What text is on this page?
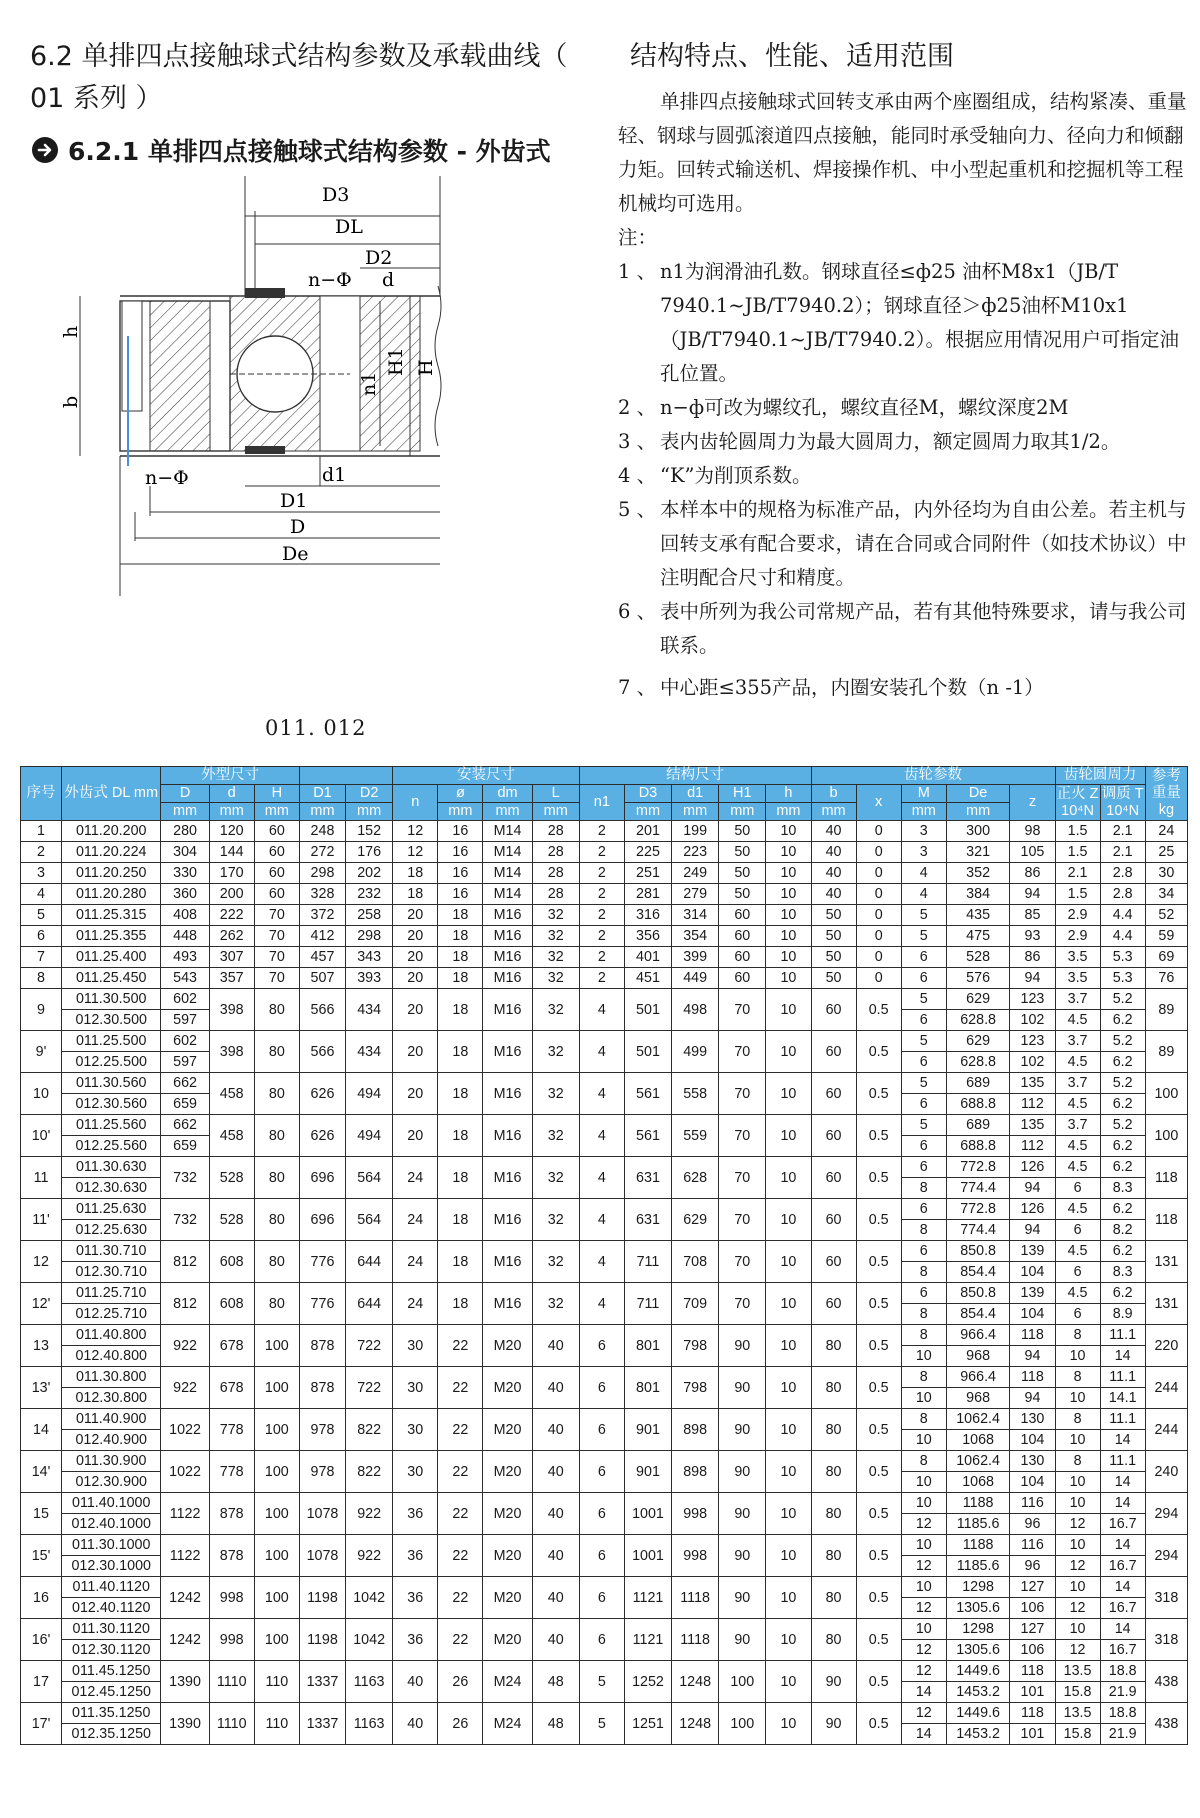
6.2 单排四点接触球式结构参数及承载曲线（ 01 系列 ）
6.2.1 单排四点接触球式结构参数 - 外齿式
D3
DL
D2
n−Φ d
h
b
H1 H
n1
n−Φ	d1
D1
D
De
011. 012
结构特点、性能、适用范围

单排四点接触球式回转支承由两个座圈组成，结构紧凑、重量轻、钢球与圆弧滚道四点接触，能同时承受轴向力、径向力和倾翻力矩。回转式输送机、焊接操作机、中小型起重机和挖掘机等工程机械均可选用。

注：
1 、 n1为润滑油孔数。钢球直径≤ф25 油杯M8x1（JB/T 7940.1~JB/T7940.2）；钢球直径＞ф25油杯M10x1（JB/T7940.1~JB/T7940.2）。根据应用情况用户可指定油孔位置。
2 、 n−ф可改为螺纹孔，螺纹直径M，螺纹深度2M
3 、 表内齿轮圆周力为最大圆周力，额定圆周力取其1/2。
4 、 “K”为削顶系数。
5 、 本样本中的规格为标准产品，内外径均为自由公差。若主机与回转支承有配合要求，请在合同或合同附件（如技术协议）中注明配合尺寸和精度。
6 、 表中所列为我公司常规产品，若有其他特殊要求，请与我公司联系。
7 、 中心距≤355产品，内圈安装孔个数（n -1）
序号	外齿式 DL mm	外型尺寸					安装尺寸				结构尺寸					齿轮参数					齿轮圆周力		参考 重量 kg
		D	d	H	D1	D2	n	ø	dm	L	n1	D3	d1	H1	h	b	x	M	De	z	正火 Z 10⁴N	调质 T 10⁴N	
		mm	mm	mm	mm	mm		mm	mm	mm		mm	mm	mm	mm	mm		mm	mm				
1	011.20.200	280	120	60	248	152	12	16	M14	28	2	201	199	50	10	40	0	3	300	98	1.5	2.1	24
2	011.20.224	304	144	60	272	176	12	16	M14	28	2	225	223	50	10	40	0	3	321	105	1.5	2.1	25
3	011.20.250	330	170	60	298	202	18	16	M14	28	2	251	249	50	10	40	0	4	352	86	2.1	2.8	30
4	011.20.280	360	200	60	328	232	18	16	M14	28	2	281	279	50	10	40	0	4	384	94	1.5	2.8	34
5	011.25.315	408	222	70	372	258	20	18	M16	32	2	316	314	60	10	50	0	5	435	85	2.9	4.4	52
6	011.25.355	448	262	70	412	298	20	18	M16	32	2	356	354	60	10	50	0	5	475	93	2.9	4.4	59
7	011.25.400	493	307	70	457	343	20	18	M16	32	2	401	399	60	10	50	0	6	528	86	3.5	5.3	69
8	011.25.450	543	357	70	507	393	20	18	M16	32	2	451	449	60	10	50	0	6	576	94	3.5	5.3	76
9	011.30.500	602	398	80	566	434	20	18	M16	32	4	501	498	70	10	60	0.5	5	629	123	3.7	5.2	89
	012.30.500	597																6	628.8	102	4.5	6.2	
9'	011.25.500	602	398	80	566	434	20	18	M16	32	4	501	499	70	10	60	0.5	5	629	123	3.7	5.2	89
	012.25.500	597																6	628.8	102	4.5	6.2	
10	011.30.560	662	458	80	626	494	20	18	M16	32	4	561	558	70	10	60	0.5	5	689	135	3.7	5.2	100
	012.30.560	659																6	688.8	112	4.5	6.2	
10'	011.25.560	662	458	80	626	494	20	18	M16	32	4	561	559	70	10	60	0.5	5	689	135	3.7	5.2	100
	012.25.560	659																6	688.8	112	4.5	6.2	
11	011.30.630	732	528	80	696	564	24	18	M16	32	4	631	628	70	10	60	0.5	6	772.8	126	4.5	6.2	118
	012.30.630																	8	774.4	94	6	8.3	
11'	011.25.630	732	528	80	696	564	24	18	M16	32	4	631	629	70	10	60	0.5	6	772.8	126	4.5	6.2	118
	012.25.630																	8	774.4	94	6	8.2	
12	011.30.710	812	608	80	776	644	24	18	M16	32	4	711	708	70	10	60	0.5	6	850.8	139	4.5	6.2	131
	012.30.710																	8	854.4	104	6	8.3	
12'	011.25.710	812	608	80	776	644	24	18	M16	32	4	711	709	70	10	60	0.5	6	850.8	139	4.5	6.2	131
	012.25.710																	8	854.4	104	6	8.9	
13	011.40.800	922	678	100	878	722	30	22	M20	40	6	801	798	90	10	80	0.5	8	966.4	118	8	11.1	220
	012.40.800																	10	968	94	10	14	
13'	011.30.800	922	678	100	878	722	30	22	M20	40	6	801	798	90	10	80	0.5	8	966.4	118	8	11.1	244
	012.30.800																	10	968	94	10	14.1	
14	011.40.900	1022	778	100	978	822	30	22	M20	40	6	901	898	90	10	80	0.5	8	1062.4	130	8	11.1	244
	012.40.900																	10	1068	104	10	14	
14'	011.30.900	1022	778	100	978	822	30	22	M20	40	6	901	898	90	10	80	0.5	8	1062.4	130	8	11.1	240
	012.30.900																	10	1068	104	10	14	
15	011.40.1000	1122	878	100	1078	922	36	22	M20	40	6	1001	998	90	10	80	0.5	10	1188	116	10	14	294
	012.40.1000																	12	1185.6	96	12	16.7	
15'	011.30.1000	1122	878	100	1078	922	36	22	M20	40	6	1001	998	90	10	80	0.5	10	1188	116	10	14	294
	012.30.1000																	12	1185.6	96	12	16.7	
16	011.40.1120	1242	998	100	1198	1042	36	22	M20	40	6	1121	1118	90	10	80	0.5	10	1298	127	10	14	318
	012.40.1120																	12	1305.6	106	12	16.7	
16'	011.30.1120	1242	998	100	1198	1042	36	22	M20	40	6	1121	1118	90	10	80	0.5	10	1298	127	10	14	318
	012.30.1120																	12	1305.6	106	12	16.7	
17	011.45.1250	1390	1110	110	1337	1163	40	26	M24	48	5	1252	1248	100	10	90	0.5	12	1449.6	118	13.5	18.8	438
	012.45.1250																	14	1453.2	101	15.8	21.9	
17'	011.35.1250	1390	1110	110	1337	1163	40	26	M24	48	5	1251	1248	100	10	90	0.5	12	1449.6	118	13.5	18.8	438
	012.35.1250																	14	1453.2	101	15.8	21.9	
